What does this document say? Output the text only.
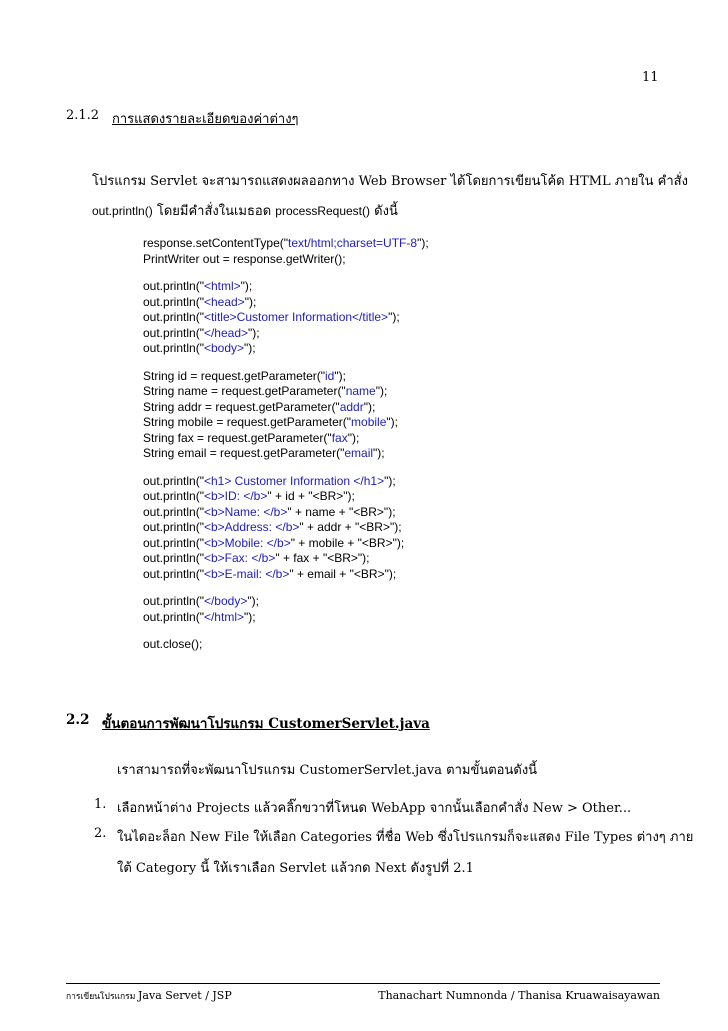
11
2.1.2 การแสดงรายละเอียดของค่าต่างๆ
โปรแกรม Servlet จะสามารถแสดงผลออกทาง Web Browser ได้โดยการเขียนโค้ด HTML ภายใน คำสั่ง
out.println() โดยมีคำสั่งในเมธอด processRequest() ดังนี้
response.setContentType("text/html;charset=UTF-8");
PrintWriter out = response.getWriter();
out.println("<html>");
out.println("<head>");
out.println("<title>Customer Information</title>");
out.println("</head>");
out.println("<body>");
String id = request.getParameter("id");
String name = request.getParameter("name");
String addr = request.getParameter("addr");
String mobile = request.getParameter("mobile");
String fax = request.getParameter("fax");
String email = request.getParameter("email");
out.println("<h1> Customer Information </h1>");
out.println("<b>ID: </b>" + id + "<BR>");
out.println("<b>Name: </b>" + name + "<BR>");
out.println("<b>Address: </b>" + addr + "<BR>");
out.println("<b>Mobile: </b>" + mobile + "<BR>");
out.println("<b>Fax: </b>" + fax + "<BR>");
out.println("<b>E-mail: </b>" + email + "<BR>");
out.println("</body>");
out.println("</html>");
out.close();
2.2 ขั้นตอนการพัฒนาโปรแกรม CustomerServlet.java
เราสามารถที่จะพัฒนาโปรแกรม CustomerServlet.java ตามขั้นตอนดังนี้
1. เลือกหน้าต่าง Projects แล้วคลิ๊กขวาที่โหนด WebApp จากนั้นเลือกคำสั่ง New > Other...
2. ในไดอะล็อก New File ให้เลือก Categories ที่ชื่อ Web ซึ่งโปรแกรมก็จะแสดง File Types ต่างๆ ภาย
ใต้ Category นี้ ให้เราเลือก Servlet แล้วกด Next ดังรูปที่ 2.1
การเขียนโปรแกรม Java Servet / JSP	Thanachart Numnonda / Thanisa Kruawaisayawan
